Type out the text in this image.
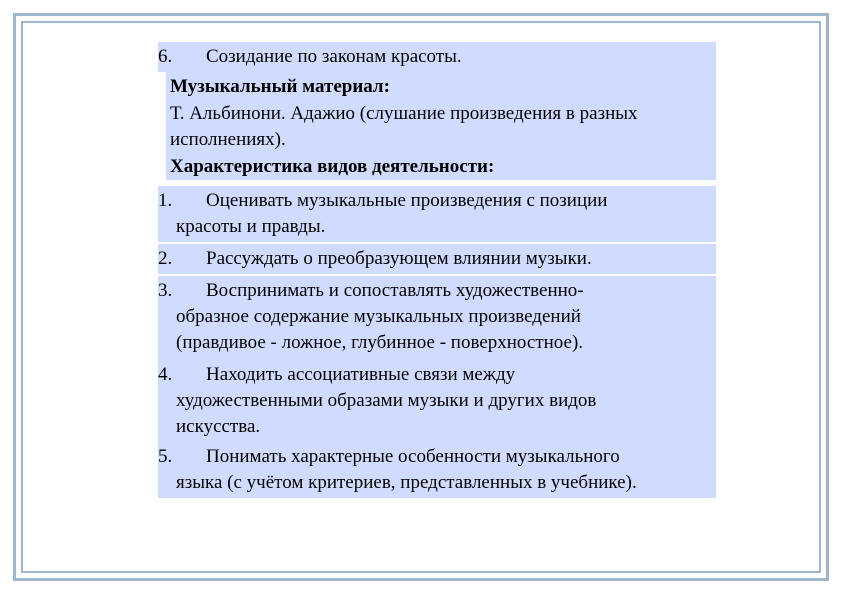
6. Созидание по законам красоты.
Музыкальный материал:
Т. Альбинони. Адажио (слушание произведения в разных
исполнениях).
Характеристика видов деятельности:
1. Оценивать музыкальные произведения с позиции
красоты и правды.
2. Рассуждать о преобразующем влиянии музыки.
3. Воспринимать и сопоставлять художественно-
образное содержание музыкальных произведений
(правдивое - ложное, глубинное - поверхностное).
4. Находить ассоциативные связи между
художественными образами музыки и других видов
искусства.
5. Понимать характерные особенности музыкального
языка (с учётом критериев, представленных в учебнике).
